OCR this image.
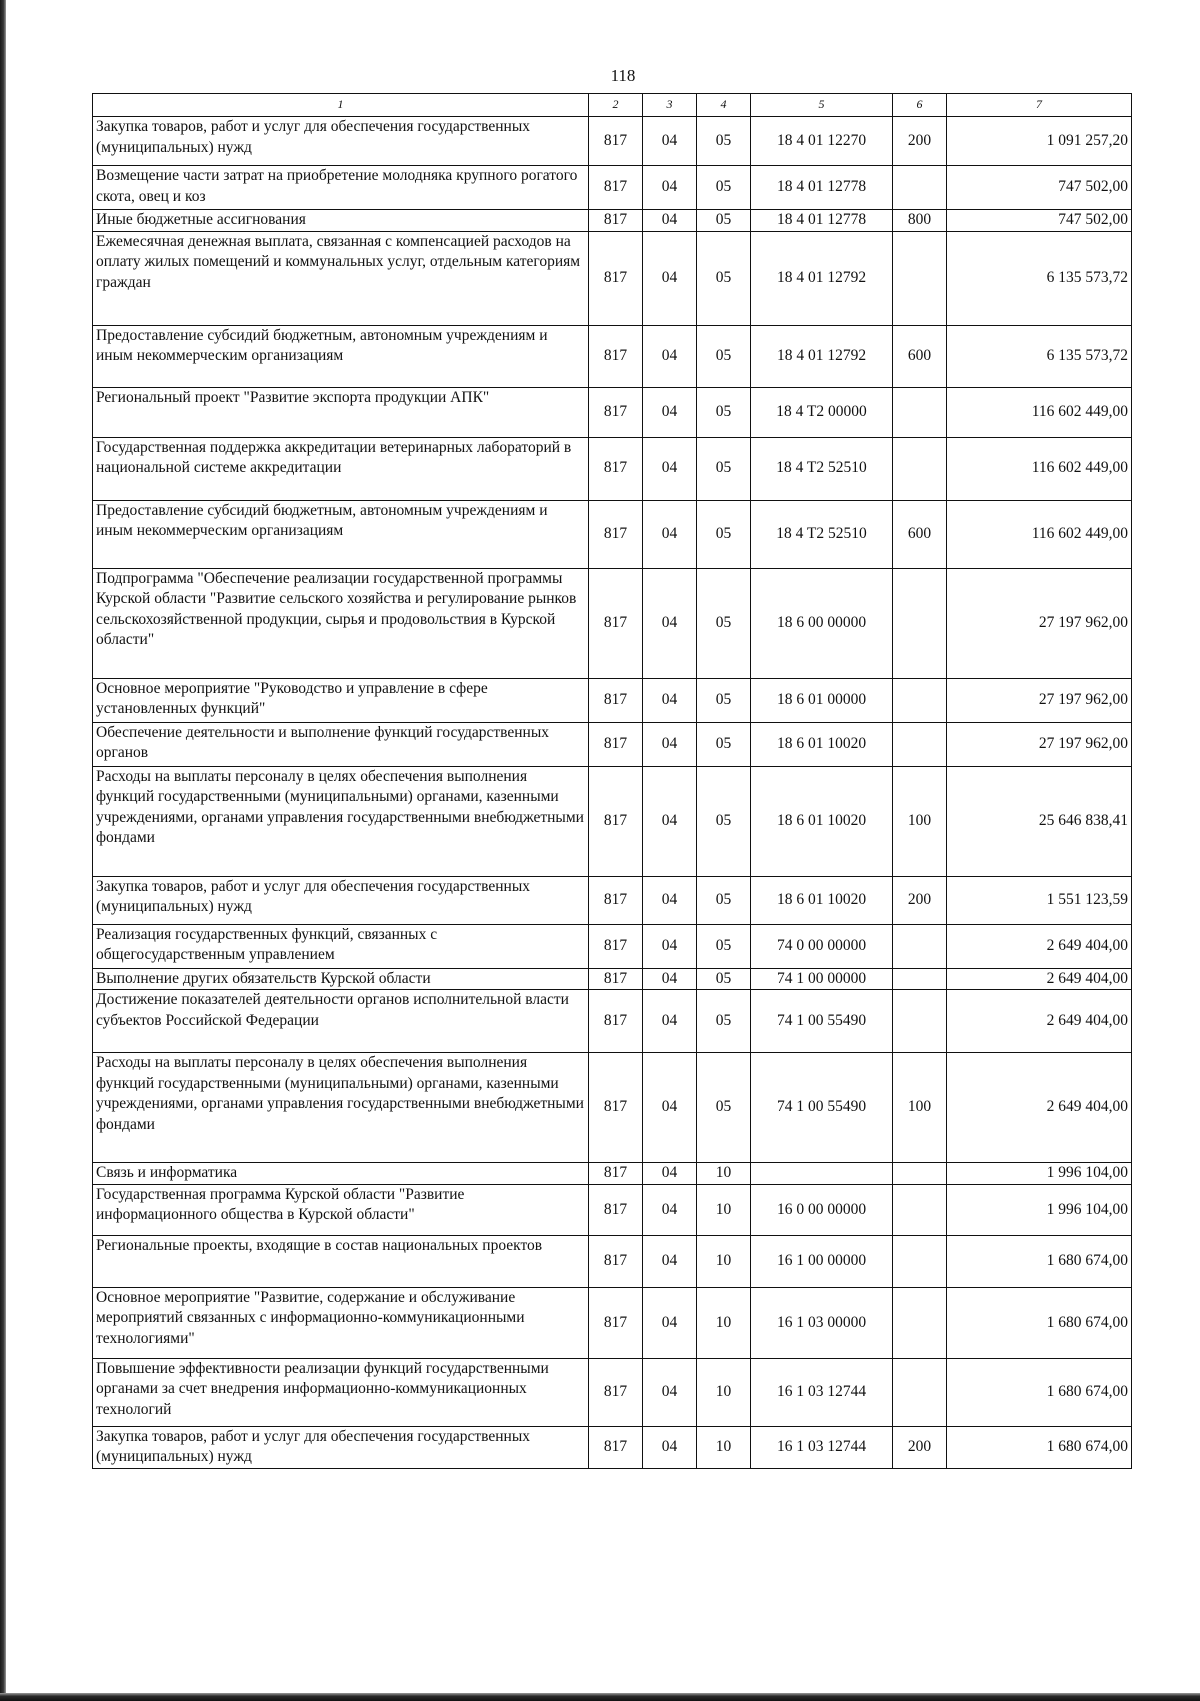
118
1	2	3	4	5	6	7
Закупка товаров, работ и услуг для обеспечения государственных (муниципальных) нужд	817	04	05	18 4 01 12270	200	1 091 257,20
Возмещение части затрат на приобретение молодняка крупного рогатого скота, овец и коз	817	04	05	18 4 01 12778		747 502,00
Иные бюджетные ассигнования	817	04	05	18 4 01 12778	800	747 502,00
Ежемесячная денежная выплата, связанная с компенсацией расходов на оплату жилых помещений и коммунальных услуг, отдельным категориям граждан	817	04	05	18 4 01 12792		6 135 573,72
Предоставление субсидий бюджетным, автономным учреждениям и иным некоммерческим организациям	817	04	05	18 4 01 12792	600	6 135 573,72
Региональный проект "Развитие экспорта продукции АПК"	817	04	05	18 4 T2 00000		116 602 449,00
Государственная поддержка аккредитации ветеринарных лабораторий в национальной системе аккредитации	817	04	05	18 4 T2 52510		116 602 449,00
Предоставление субсидий бюджетным, автономным учреждениям и иным некоммерческим организациям	817	04	05	18 4 T2 52510	600	116 602 449,00
Подпрограмма "Обеспечение реализации государственной программы Курской области "Развитие сельского хозяйства и регулирование рынков сельскохозяйственной продукции, сырья и продовольствия в Курской области"	817	04	05	18 6 00 00000		27 197 962,00
Основное мероприятие "Руководство и управление в сфере установленных функций"	817	04	05	18 6 01 00000		27 197 962,00
Обеспечение деятельности и выполнение функций государственных органов	817	04	05	18 6 01 10020		27 197 962,00
Расходы на выплаты персоналу в целях обеспечения выполнения функций государственными (муниципальными) органами, казенными учреждениями, органами управления государственными внебюджетными фондами	817	04	05	18 6 01 10020	100	25 646 838,41
Закупка товаров, работ и услуг для обеспечения государственных (муниципальных) нужд	817	04	05	18 6 01 10020	200	1 551 123,59
Реализация государственных функций, связанных с общегосударственным управлением	817	04	05	74 0 00 00000		2 649 404,00
Выполнение других обязательств Курской области	817	04	05	74 1 00 00000		2 649 404,00
Достижение показателей деятельности органов исполнительной власти субъектов Российской Федерации	817	04	05	74 1 00 55490		2 649 404,00
Расходы на выплаты персоналу в целях обеспечения выполнения функций государственными (муниципальными) органами, казенными учреждениями, органами управления государственными внебюджетными фондами	817	04	05	74 1 00 55490	100	2 649 404,00
Связь и информатика	817	04	10			1 996 104,00
Государственная программа Курской области "Развитие информационного общества в Курской области"	817	04	10	16 0 00 00000		1 996 104,00
Региональные проекты, входящие в состав национальных проектов	817	04	10	16 1 00 00000		1 680 674,00
Основное мероприятие "Развитие, содержание и обслуживание мероприятий связанных с информационно-коммуникационными технологиями"	817	04	10	16 1 03 00000		1 680 674,00
Повышение эффективности реализации функций государственными органами за счет внедрения информационно-коммуникационных технологий	817	04	10	16 1 03 12744		1 680 674,00
Закупка товаров, работ и услуг для обеспечения государственных (муниципальных) нужд	817	04	10	16 1 03 12744	200	1 680 674,00
